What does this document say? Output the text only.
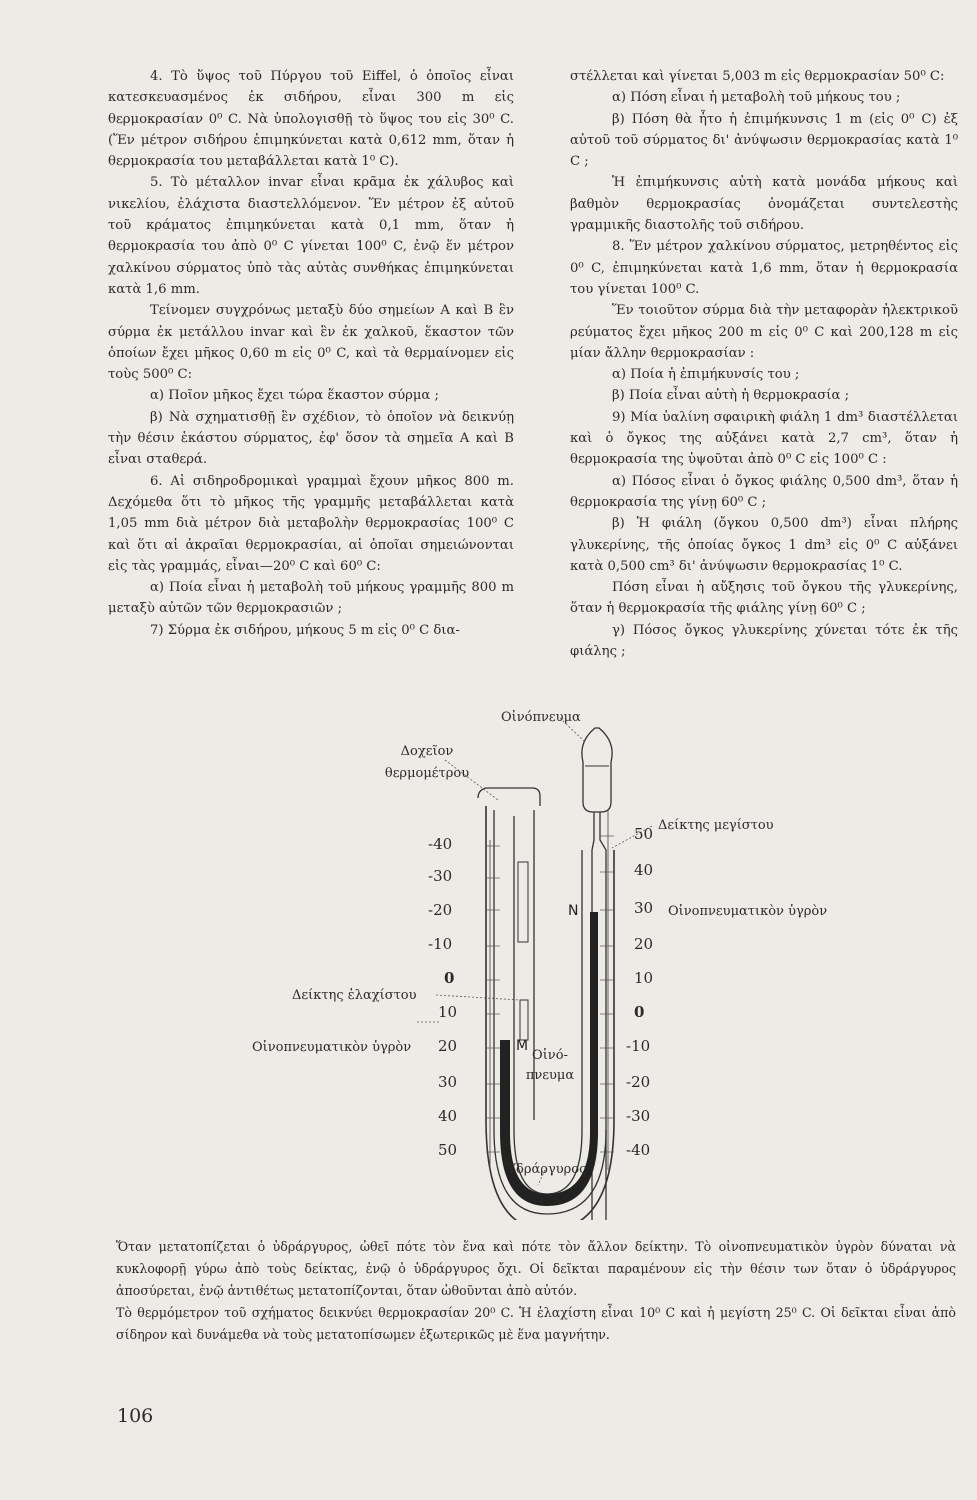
4. Τὸ ὕψος τοῦ Πύργου τοῦ Eiffel, ὁ ὁποῖος εἶναι κατεσκευασμένος ἐκ σιδήρου, εἶναι 300 m εἰς θερμοκρασίαν 0⁰ C. Νὰ ὑπολογισθῇ τὸ ὕψος του εἰς 30⁰ C. (Ἕν μέτρον σιδήρου ἐπιμηκύνεται κατὰ 0,612 mm, ὅταν ἡ θερμοκρασία του μεταβάλλεται κατὰ 1⁰ C).

5. Τὸ μέταλλον invar εἶναι κρᾶμα ἐκ χάλυβος καὶ νικελίου, ἐλάχιστα διαστελλόμενον. Ἕν μέτρον ἐξ αὐτοῦ τοῦ κράματος ἐπιμηκύνεται κατὰ 0,1 mm, ὅταν ἡ θερμοκρασία του ἀπὸ 0⁰ C γίνεται 100⁰ C, ἐνῷ ἕν μέτρον χαλκίνου σύρματος ὑπὸ τὰς αὐτὰς συνθήκας ἐπιμηκύνεται κατὰ 1,6 mm.

Τείνομεν συγχρόνως μεταξὺ δύο σημείων Α καὶ Β ἓν σύρμα ἐκ μετάλλου invar καὶ ἓν ἐκ χαλκοῦ, ἕκαστον τῶν ὁποίων ἔχει μῆκος 0,60 m εἰς 0⁰ C, καὶ τὰ θερμαίνομεν εἰς τοὺς 500⁰ C:

α) Ποῖον μῆκος ἔχει τώρα ἕκαστον σύρμα ;

β) Νὰ σχηματισθῇ ἓν σχέδιον, τὸ ὁποῖον νὰ δεικνύῃ τὴν θέσιν ἑκάστου σύρματος, ἐφ' ὅσον τὰ σημεῖα Α καὶ Β εἶναι σταθερά.

6. Αἱ σιδηροδρομικαὶ γραμμαὶ ἔχουν μῆκος 800 m. Δεχόμεθα ὅτι τὸ μῆκος τῆς γραμμῆς μεταβάλλεται κατὰ 1,05 mm διὰ μέτρον διὰ μεταβολὴν θερμοκρασίας 100⁰ C καὶ ὅτι αἱ ἀκραῖαι θερμοκρασίαι, αἱ ὁποῖαι σημειώνονται εἰς τὰς γραμμάς, εἶναι—20⁰ C καὶ 60⁰ C:

α) Ποία εἶναι ἡ μεταβολὴ τοῦ μήκους γραμμῆς 800 m μεταξὺ αὐτῶν τῶν θερμοκρασιῶν ;

7) Σύρμα ἐκ σιδήρου, μήκους 5 m εἰς 0⁰ C δια-

στέλλεται καὶ γίνεται 5,003 m εἰς θερμοκρασίαν 50⁰ C:

α) Πόση εἶναι ἡ μεταβολὴ τοῦ μήκους του ;

β) Πόση θὰ ἦτο ἡ ἐπιμήκυνσις 1 m (εἰς 0⁰ C) ἐξ αὐτοῦ τοῦ σύρματος δι' ἀνύψωσιν θερμοκρασίας κατὰ 1⁰ C ;

Ἡ ἐπιμήκυνσις αὐτὴ κατὰ μονάδα μήκους καὶ βαθμὸν θερμοκρασίας ὀνομάζεται συντελεστὴς γραμμικῆς διαστολῆς τοῦ σιδήρου.

8. Ἕν μέτρον χαλκίνου σύρματος, μετρηθέντος εἰς 0⁰ C, ἐπιμηκύνεται κατὰ 1,6 mm, ὅταν ἡ θερμοκρασία του γίνεται 100⁰ C.

Ἕν τοιοῦτον σύρμα διὰ τὴν μεταφορὰν ἠλεκτρικοῦ ρεύματος ἔχει μῆκος 200 m εἰς 0⁰ C καὶ 200,128 m εἰς μίαν ἄλλην θερμοκρασίαν :

α) Ποία ἡ ἐπιμήκυνσίς του ;

β) Ποία εἶναι αὐτὴ ἡ θερμοκρασία ;

9) Μία ὑαλίνη σφαιρικὴ φιάλη 1 dm³ διαστέλλεται καὶ ὁ ὄγκος της αὐξάνει κατὰ 2,7 cm³, ὅταν ἡ θερμοκρασία της ὑψοῦται ἀπὸ 0⁰ C εἰς 100⁰ C :

α) Πόσος εἶναι ὁ ὄγκος φιάλης 0,500 dm³, ὅταν ἡ θερμοκρασία της γίνῃ 60⁰ C ;

β) Ἡ φιάλη (ὄγκου 0,500 dm³) εἶναι πλήρης γλυκερίνης, τῆς ὁποίας ὄγκος 1 dm³ εἰς 0⁰ C αὐξάνει κατὰ 0,500 cm³ δι' ἀνύψωσιν θερμοκρασίας 1⁰ C.

Πόση εἶναι ἡ αὔξησις τοῦ ὄγκου τῆς γλυκερίνης, ὅταν ἡ θερμοκρασία τῆς φιάλης γίνῃ 60⁰ C ;

γ) Πόσος ὄγκος γλυκερίνης χύνεται τότε ἐκ τῆς φιάλης ;

N
M
Οἰνόπνευμα
Δοχεῖον
θερμομέτρου
Δείκτης μεγίστου
Οἰνοπνευματικὸν ὑγρὸν
Δείκτης ἐλαχίστου
Οἰνοπνευματικὸν ὑγρὸν
Οἰνό-
πνευμα
Ὑδράργυρος
-40
-30
-20
-10
0
10
20
30
40
50
50
40
30
20
10
0
-10
-20
-30
-40

Ὅταν μετατοπίζεται ὁ ὑδράργυρος, ὠθεῖ πότε τὸν ἕνα καὶ πότε τὸν ἄλλον δείκτην. Τὸ οἰνοπνευματικὸν ὑγρὸν δύναται νὰ κυκλοφορῇ γύρω ἀπὸ τοὺς δείκτας, ἐνῷ ὁ ὑδράργυρος ὄχι. Οἱ δεῖκται παραμένουν εἰς τὴν θέσιν των ὅταν ὁ ὑδράργυρος ἀποσύρεται, ἐνῷ ἀντιθέτως μετατοπίζονται, ὅταν ὠθοῦνται ἀπὸ αὐτόν.

Τὸ θερμόμετρον τοῦ σχήματος δεικνύει θερμοκρασίαν 20⁰ C. Ἡ ἐλαχίστη εἶναι 10⁰ C καὶ ἡ μεγίστη 25⁰ C. Οἱ δεῖκται εἶναι ἀπὸ σίδηρον καὶ δυνάμεθα νὰ τοὺς μετατοπίσωμεν ἐξωτερικῶς μὲ ἕνα μαγνήτην.

106
